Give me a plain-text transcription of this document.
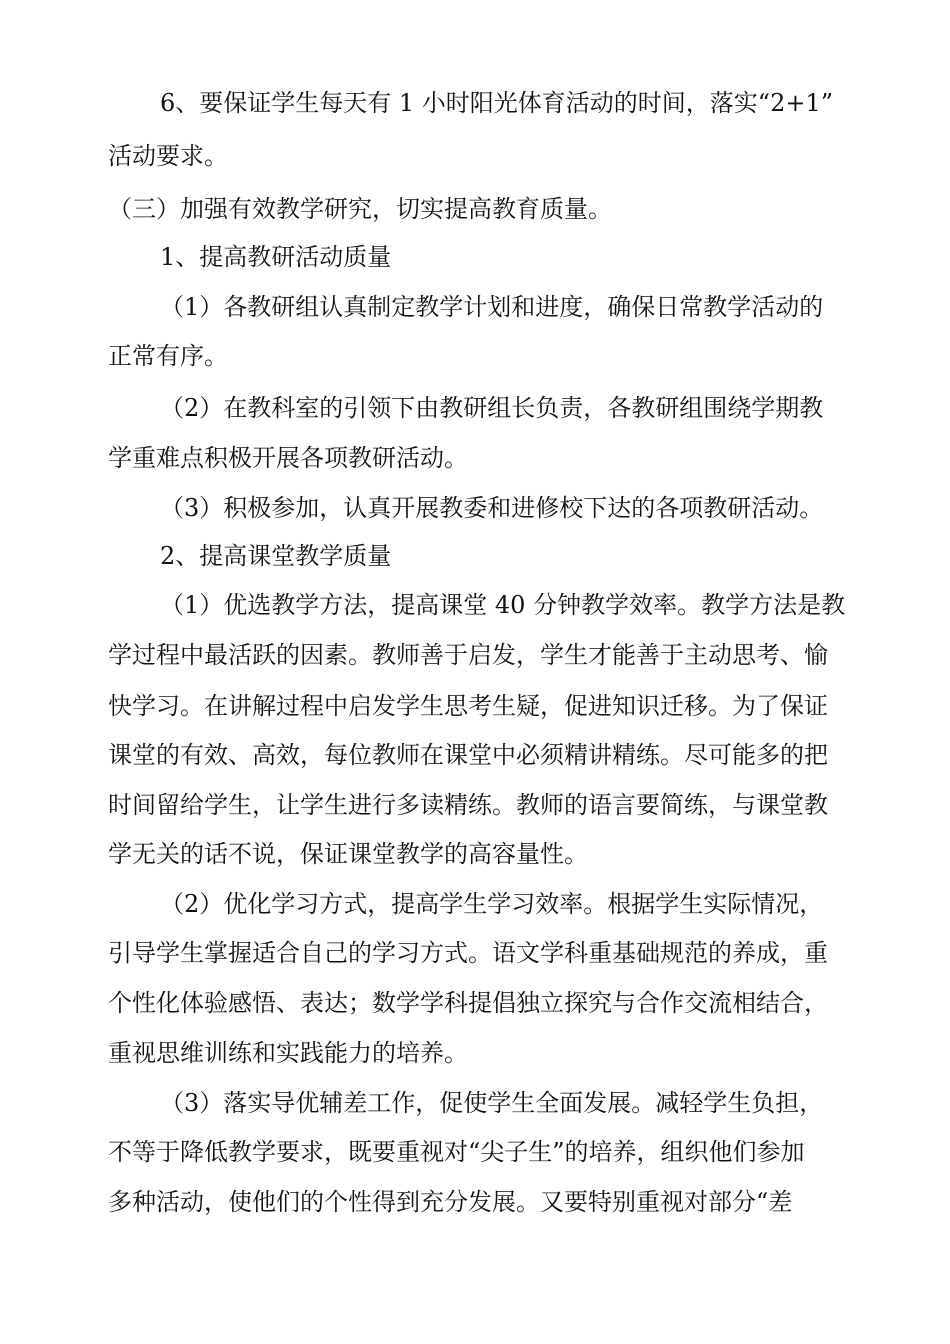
6、要保证学生每天有 1 小时阳光体育活动的时间，落实“2+1”
活动要求。
（三）加强有效教学研究，切实提高教育质量。
1、提高教研活动质量
（1）各教研组认真制定教学计划和进度，确保日常教学活动的
正常有序。
（2）在教科室的引领下由教研组长负责，各教研组围绕学期教
学重难点积极开展各项教研活动。
（3）积极参加，认真开展教委和进修校下达的各项教研活动。
2、提高课堂教学质量
（1）优选教学方法，提高课堂 40 分钟教学效率。教学方法是教
学过程中最活跃的因素。教师善于启发，学生才能善于主动思考、愉
快学习。在讲解过程中启发学生思考生疑，促进知识迁移。为了保证
课堂的有效、高效，每位教师在课堂中必须精讲精练。尽可能多的把
时间留给学生，让学生进行多读精练。教师的语言要简练，与课堂教
学无关的话不说，保证课堂教学的高容量性。
（2）优化学习方式，提高学生学习效率。根据学生实际情况，
引导学生掌握适合自己的学习方式。语文学科重基础规范的养成，重
个性化体验感悟、表达；数学学科提倡独立探究与合作交流相结合，
重视思维训练和实践能力的培养。
（3）落实导优辅差工作，促使学生全面发展。减轻学生负担，
不等于降低教学要求，既要重视对“尖子生”的培养，组织他们参加
多种活动，使他们的个性得到充分发展。又要特别重视对部分“差
